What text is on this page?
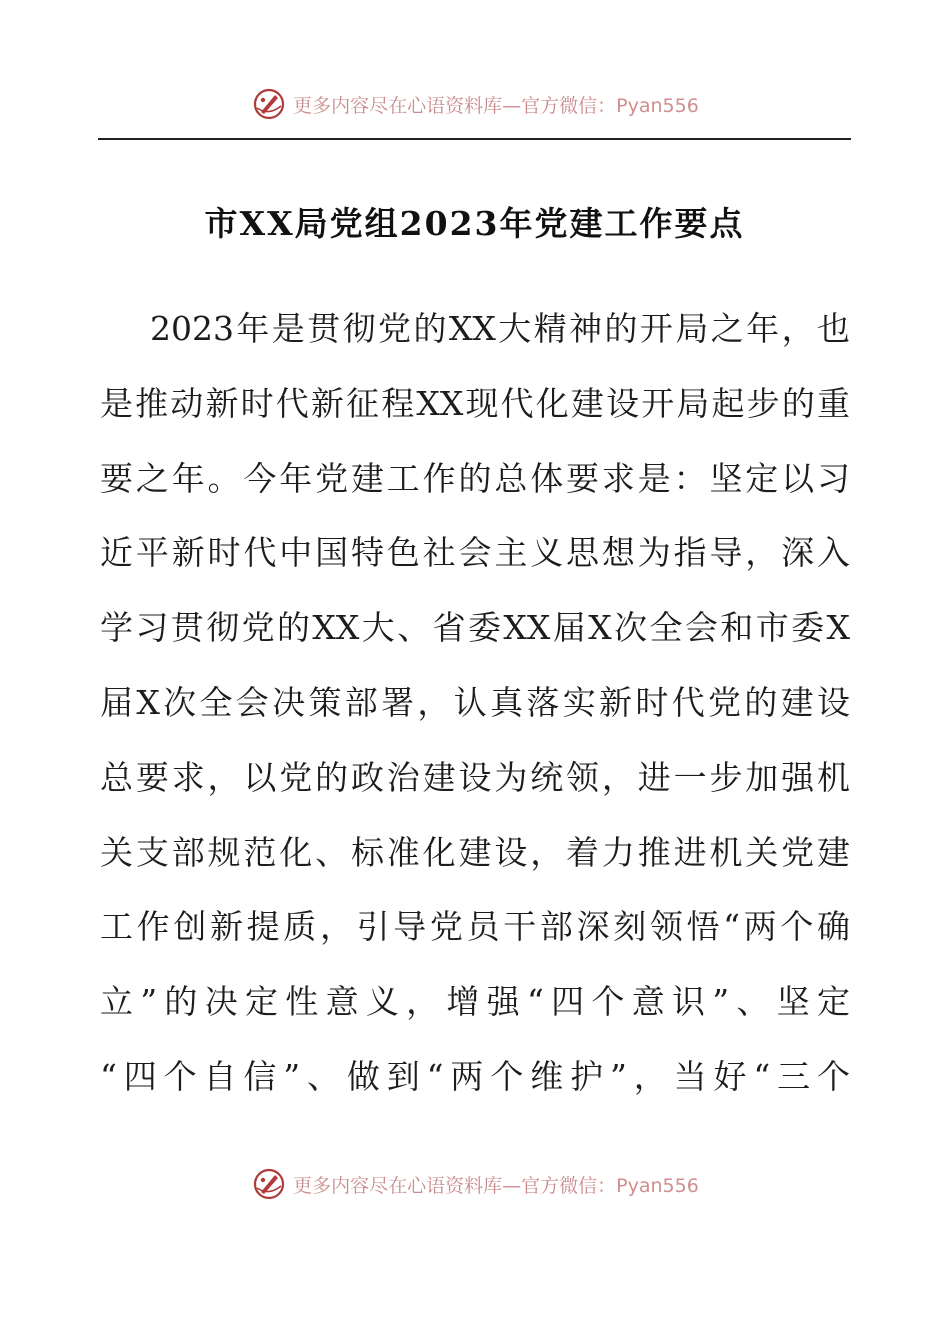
更多内容尽在心语资料库—官方微信：Pyan556
市XX局党组2023年党建工作要点
2023年是贯彻党的XX大精神的开局之年，也
是推动新时代新征程XX现代化建设开局起步的重
要之年。今年党建工作的总体要求是：坚定以习
近平新时代中国特色社会主义思想为指导，深入
学习贯彻党的XX大、省委XX届X次全会和市委X
届X次全会决策部署，认真落实新时代党的建设
总要求，以党的政治建设为统领，进一步加强机
关支部规范化、标准化建设，着力推进机关党建
工作创新提质，引导党员干部深刻领悟“两个确
立”的决定性意义，增强“四个意识”、坚定
“四个自信”、做到“两个维护”，当好“三个
更多内容尽在心语资料库—官方微信：Pyan556
